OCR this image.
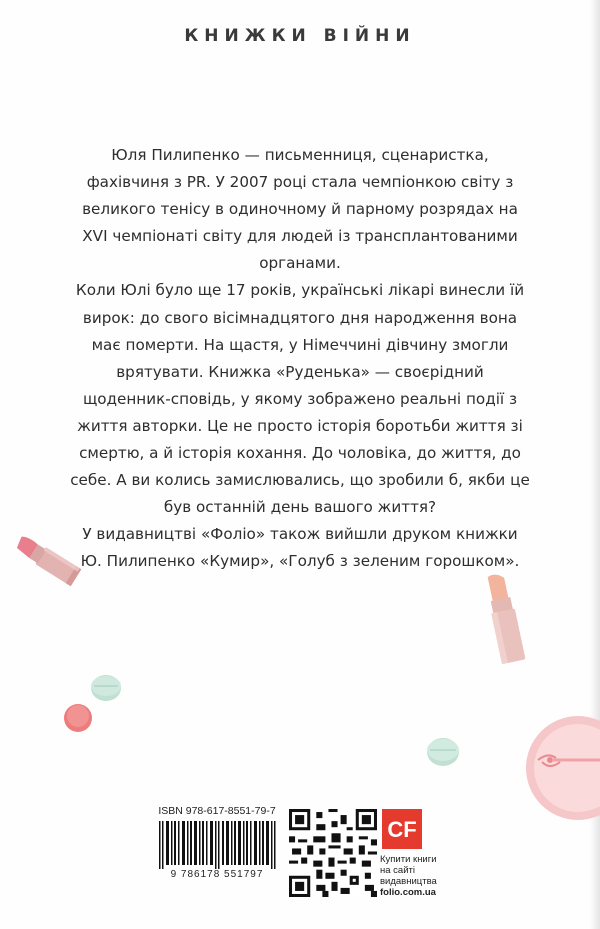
КНИЖКИ ВІЙНИ

Юля Пилипенко — письменниця, сценаристка, фахівчиня з PR. У 2007 році стала чемпіонкою світу з великого тенісу в одиночному й парному розрядах на XVI чемпіонаті світу для людей із трансплантованими органами.

Коли Юлі було ще 17 років, українські лікарі винесли їй вирок: до свого вісімнадцятого дня народження вона має померти. На щастя, у Німеччині дівчину змогли врятувати. Книжка «Руденька» — своєрідний щоденник-сповідь, у якому зображено реальні події з життя авторки. Це не просто історія боротьби життя зі смертю, а й історія кохання. До чоловіка, до життя, до себе. А ви колись замислювались, що зробили б, якби це був останній день вашого життя?

У видавництві «Фоліо» також вийшли друком книжки Ю. Пилипенко «Кумир», «Голуб з зеленим горошком».

ISBN 978-617-8551-79-7
9 786178 551797
CF
Купити книги
на сайті
видавництва
folio.com.ua
